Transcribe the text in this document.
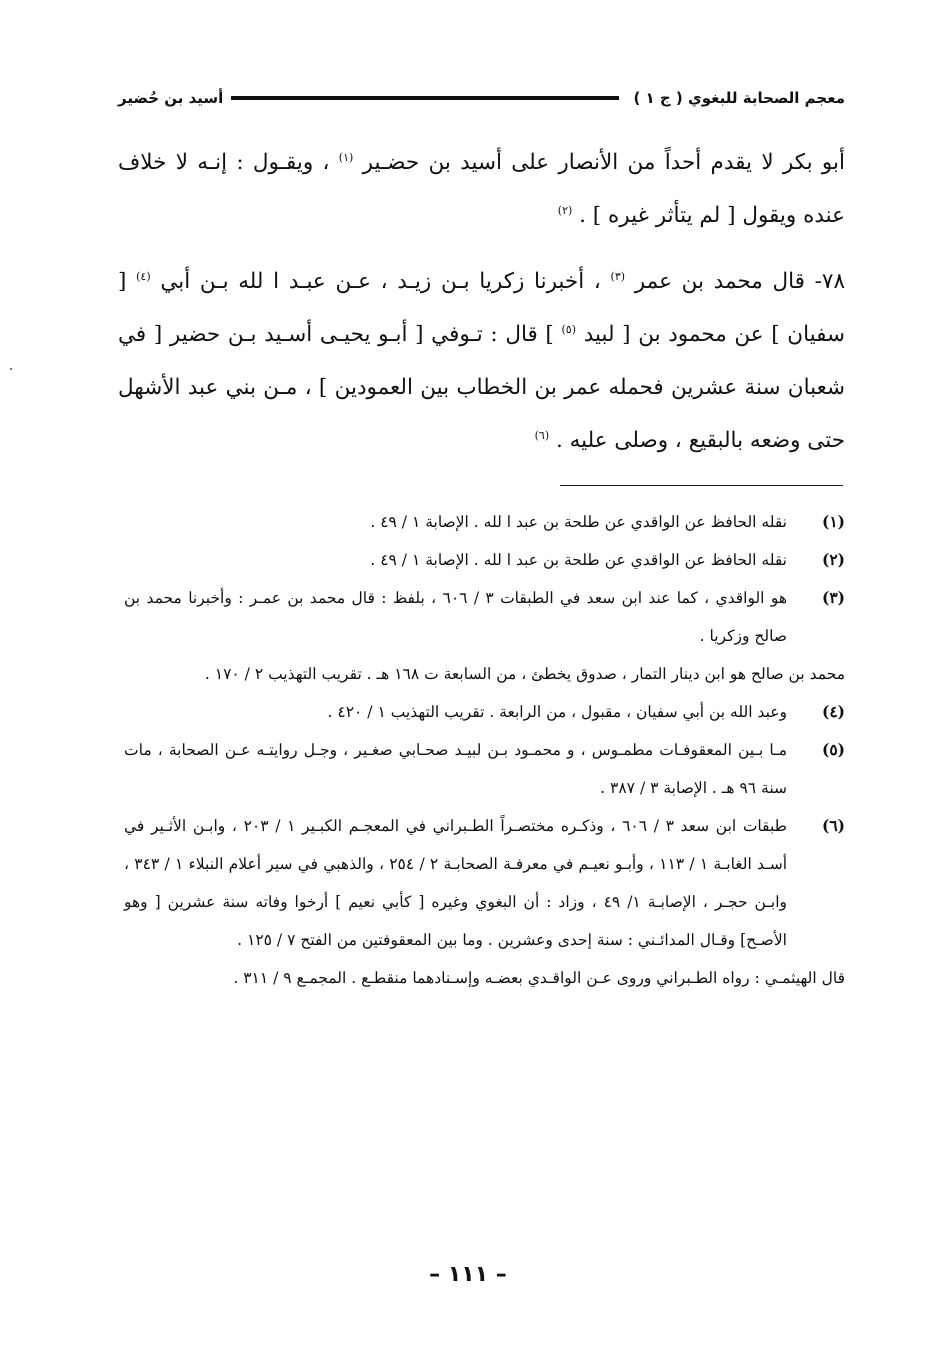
معجم الصحابة للبغوي ( ج ١ )
أسيد بن حُضير

أبو بكر لا يقدم أحداً من الأنصار على أسيد بن حضـير $^{(١)}$ ، ويقـول : إنـه لا خلاف عنده ويقول [ لم يتأثر غيره ] . $^{(٢)}$

٧٨- قال محمد بن عمر $^{(٣)}$ ، أخبرنا زكريا بـن زيـد ، عـن عبـد ا لله بـن أبي $^{(٤)}$ [ سفيان ] عن محمود بن [ لبيد $^{(٥)}$ ] قال : تـوفي [ أبـو يحيـى أسـيد بـن حضير [ في شعبان سنة عشرين فحمله عمر بن الخطاب بين العمودين ] ، مـن بني عبد الأشهل حتى وضعه بالبقيع ، وصلى عليه . $^{(٦)}$

(١)

نقله الحافظ عن الواقدي عن طلحة بن عبد ا لله . الإصابة ١ / ٤٩ .

(٢)

نقله الحافظ عن الواقدي عن طلحة بن عبد ا لله . الإصابة ١ / ٤٩ .

(٣)

هو الواقدي ، كما عند ابن سعد في الطبقات ٣ / ٦٠٦ ، بلفظ : قال محمد بن عمـر : وأخبرنا محمد بن صالح وزكريا .

محمد بن صالح هو ابن دينار التمار ، صدوق يخطئ ، من السابعة ت ١٦٨ هـ . تقريب التهذيب ٢ / ١٧٠ .

(٤)

وعبد الله بن أبي سفيان ، مقبول ، من الرابعة . تقريب التهذيب ١ / ٤٢٠ .

(٥)

مـا بـين المعقوفـات مطمـوس ، و محمـود بـن لبيـد صحـابي صغـير ، وجـل روايتـه عـن الصحابة ، مات سنة ٩٦ هـ . الإصابة ٣ / ٣٨٧ .

(٦)

طبقات ابن سعد ٣ / ٦٠٦ ، وذكـره مختصـراً الطـبراني في المعجـم الكبـير ١ / ٢٠٣ ، وابـن الأثـير في أسـد الغابـة ١ / ١١٣ ، وأبـو نعيـم في معرفـة الصحابـة ٢ / ٢٥٤ ، والذهبي في سير أعلام النبلاء ١ / ٣٤٣ ، وابـن حجـر ، الإصابـة ١/ ٤٩ ، وزاد : أن البغوي وغيره [ كأبي نعيم ] أرخوا وفاته سنة عشرين [ وهو الأصـح] وقـال المدائـني : سنة إحدى وعشرين . وما بين المعقوفتين من الفتح ٧ / ١٢٥ .

قال الهيثمـي : رواه الطـبراني وروى عـن الواقـدي بعضـه وإسـنادهما منقطـع . المجمـع ٩ / ٣١١ .

– ١١١ –
